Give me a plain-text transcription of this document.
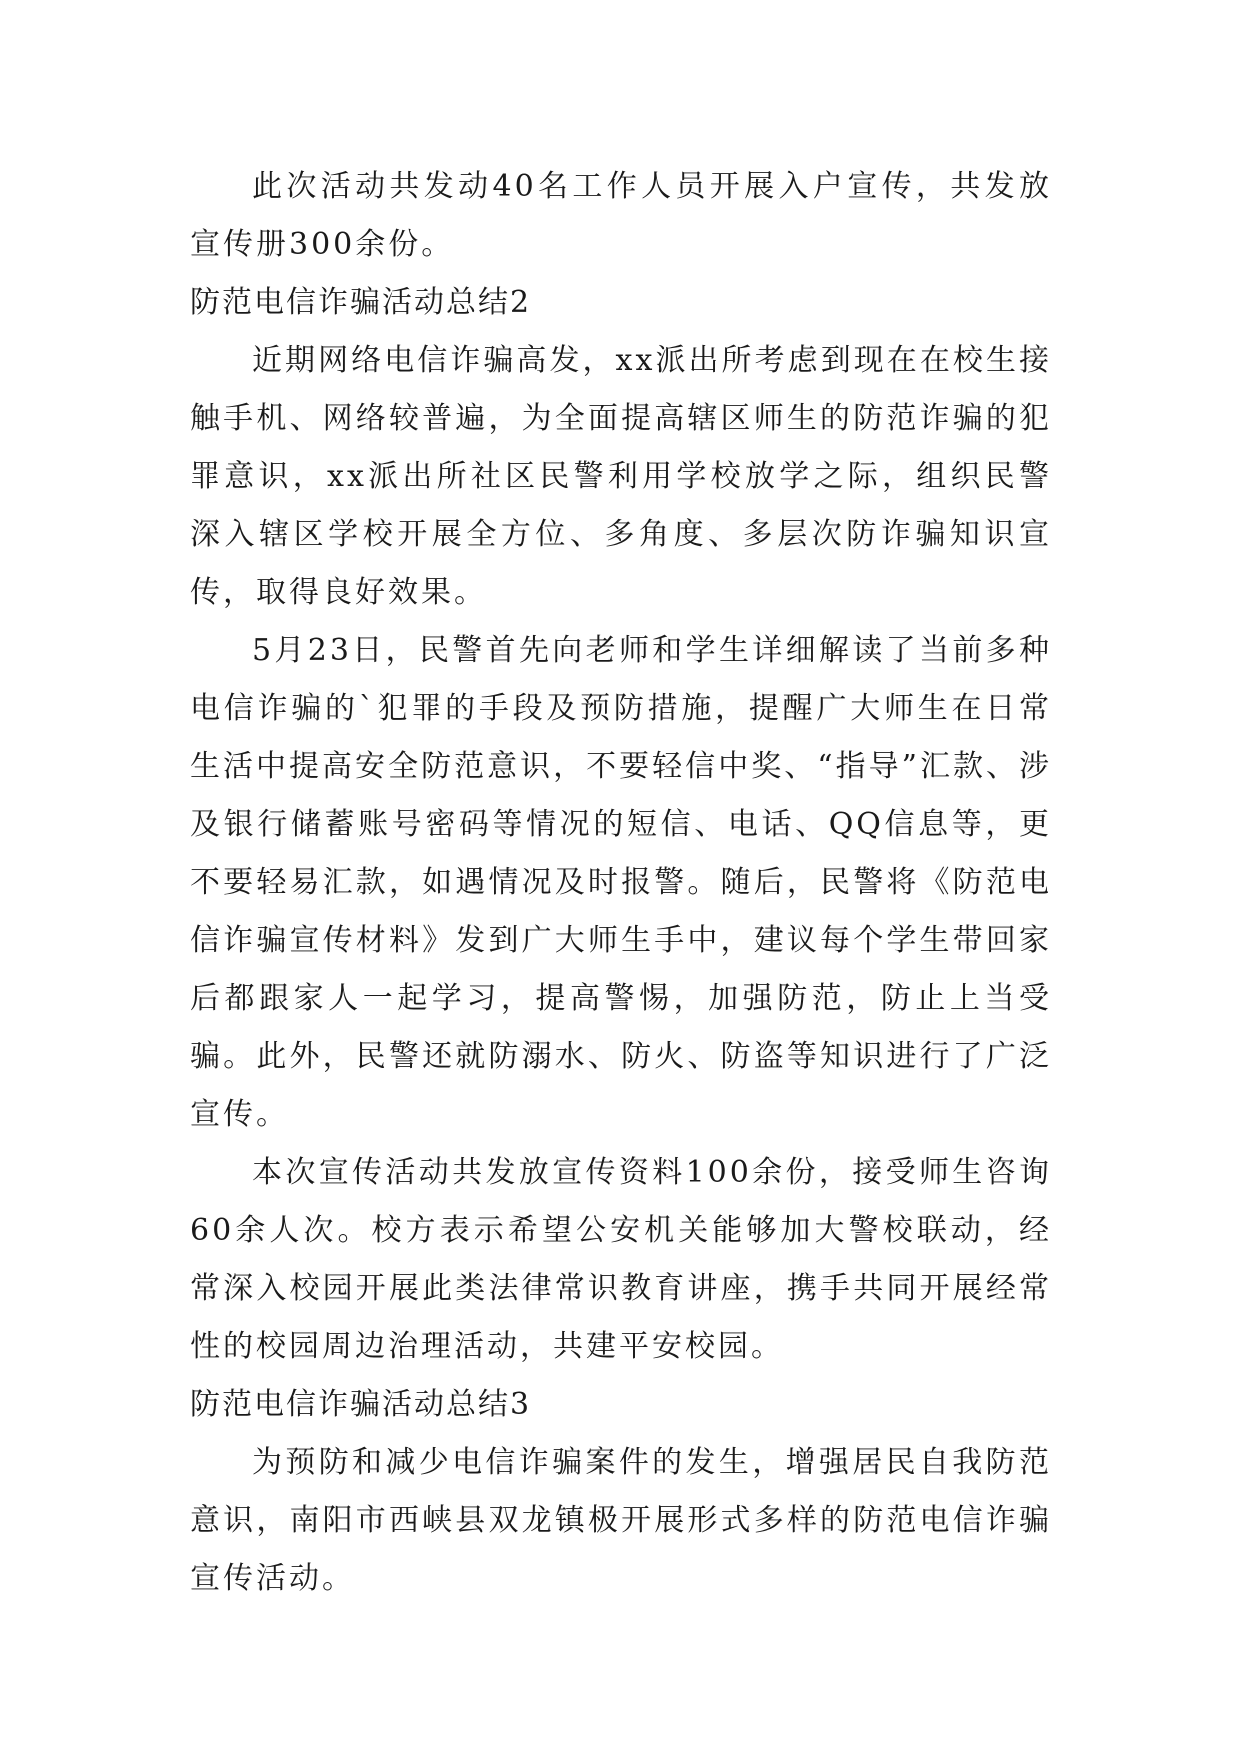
此次活动共发动40名工作人员开展入户宣传，共发放宣传册300余份。

防范电信诈骗活动总结2

近期网络电信诈骗高发，xx派出所考虑到现在在校生接触手机、网络较普遍，为全面提高辖区师生的防范诈骗的犯罪意识，xx派出所社区民警利用学校放学之际，组织民警深入辖区学校开展全方位、多角度、多层次防诈骗知识宣传，取得良好效果。

5月23日，民警首先向老师和学生详细解读了当前多种电信诈骗的`犯罪的手段及预防措施，提醒广大师生在日常生活中提高安全防范意识，不要轻信中奖、“指导”汇款、涉及银行储蓄账号密码等情况的短信、电话、QQ信息等，更不要轻易汇款，如遇情况及时报警。随后，民警将《防范电信诈骗宣传材料》发到广大师生手中，建议每个学生带回家后都跟家人一起学习，提高警惕，加强防范，防止上当受骗。此外，民警还就防溺水、防火、防盗等知识进行了广泛宣传。

本次宣传活动共发放宣传资料100余份，接受师生咨询60余人次。校方表示希望公安机关能够加大警校联动，经常深入校园开展此类法律常识教育讲座，携手共同开展经常性的校园周边治理活动，共建平安校园。

防范电信诈骗活动总结3

为预防和减少电信诈骗案件的发生，增强居民自我防范意识，南阳市西峡县双龙镇极开展形式多样的防范电信诈骗宣传活动。
